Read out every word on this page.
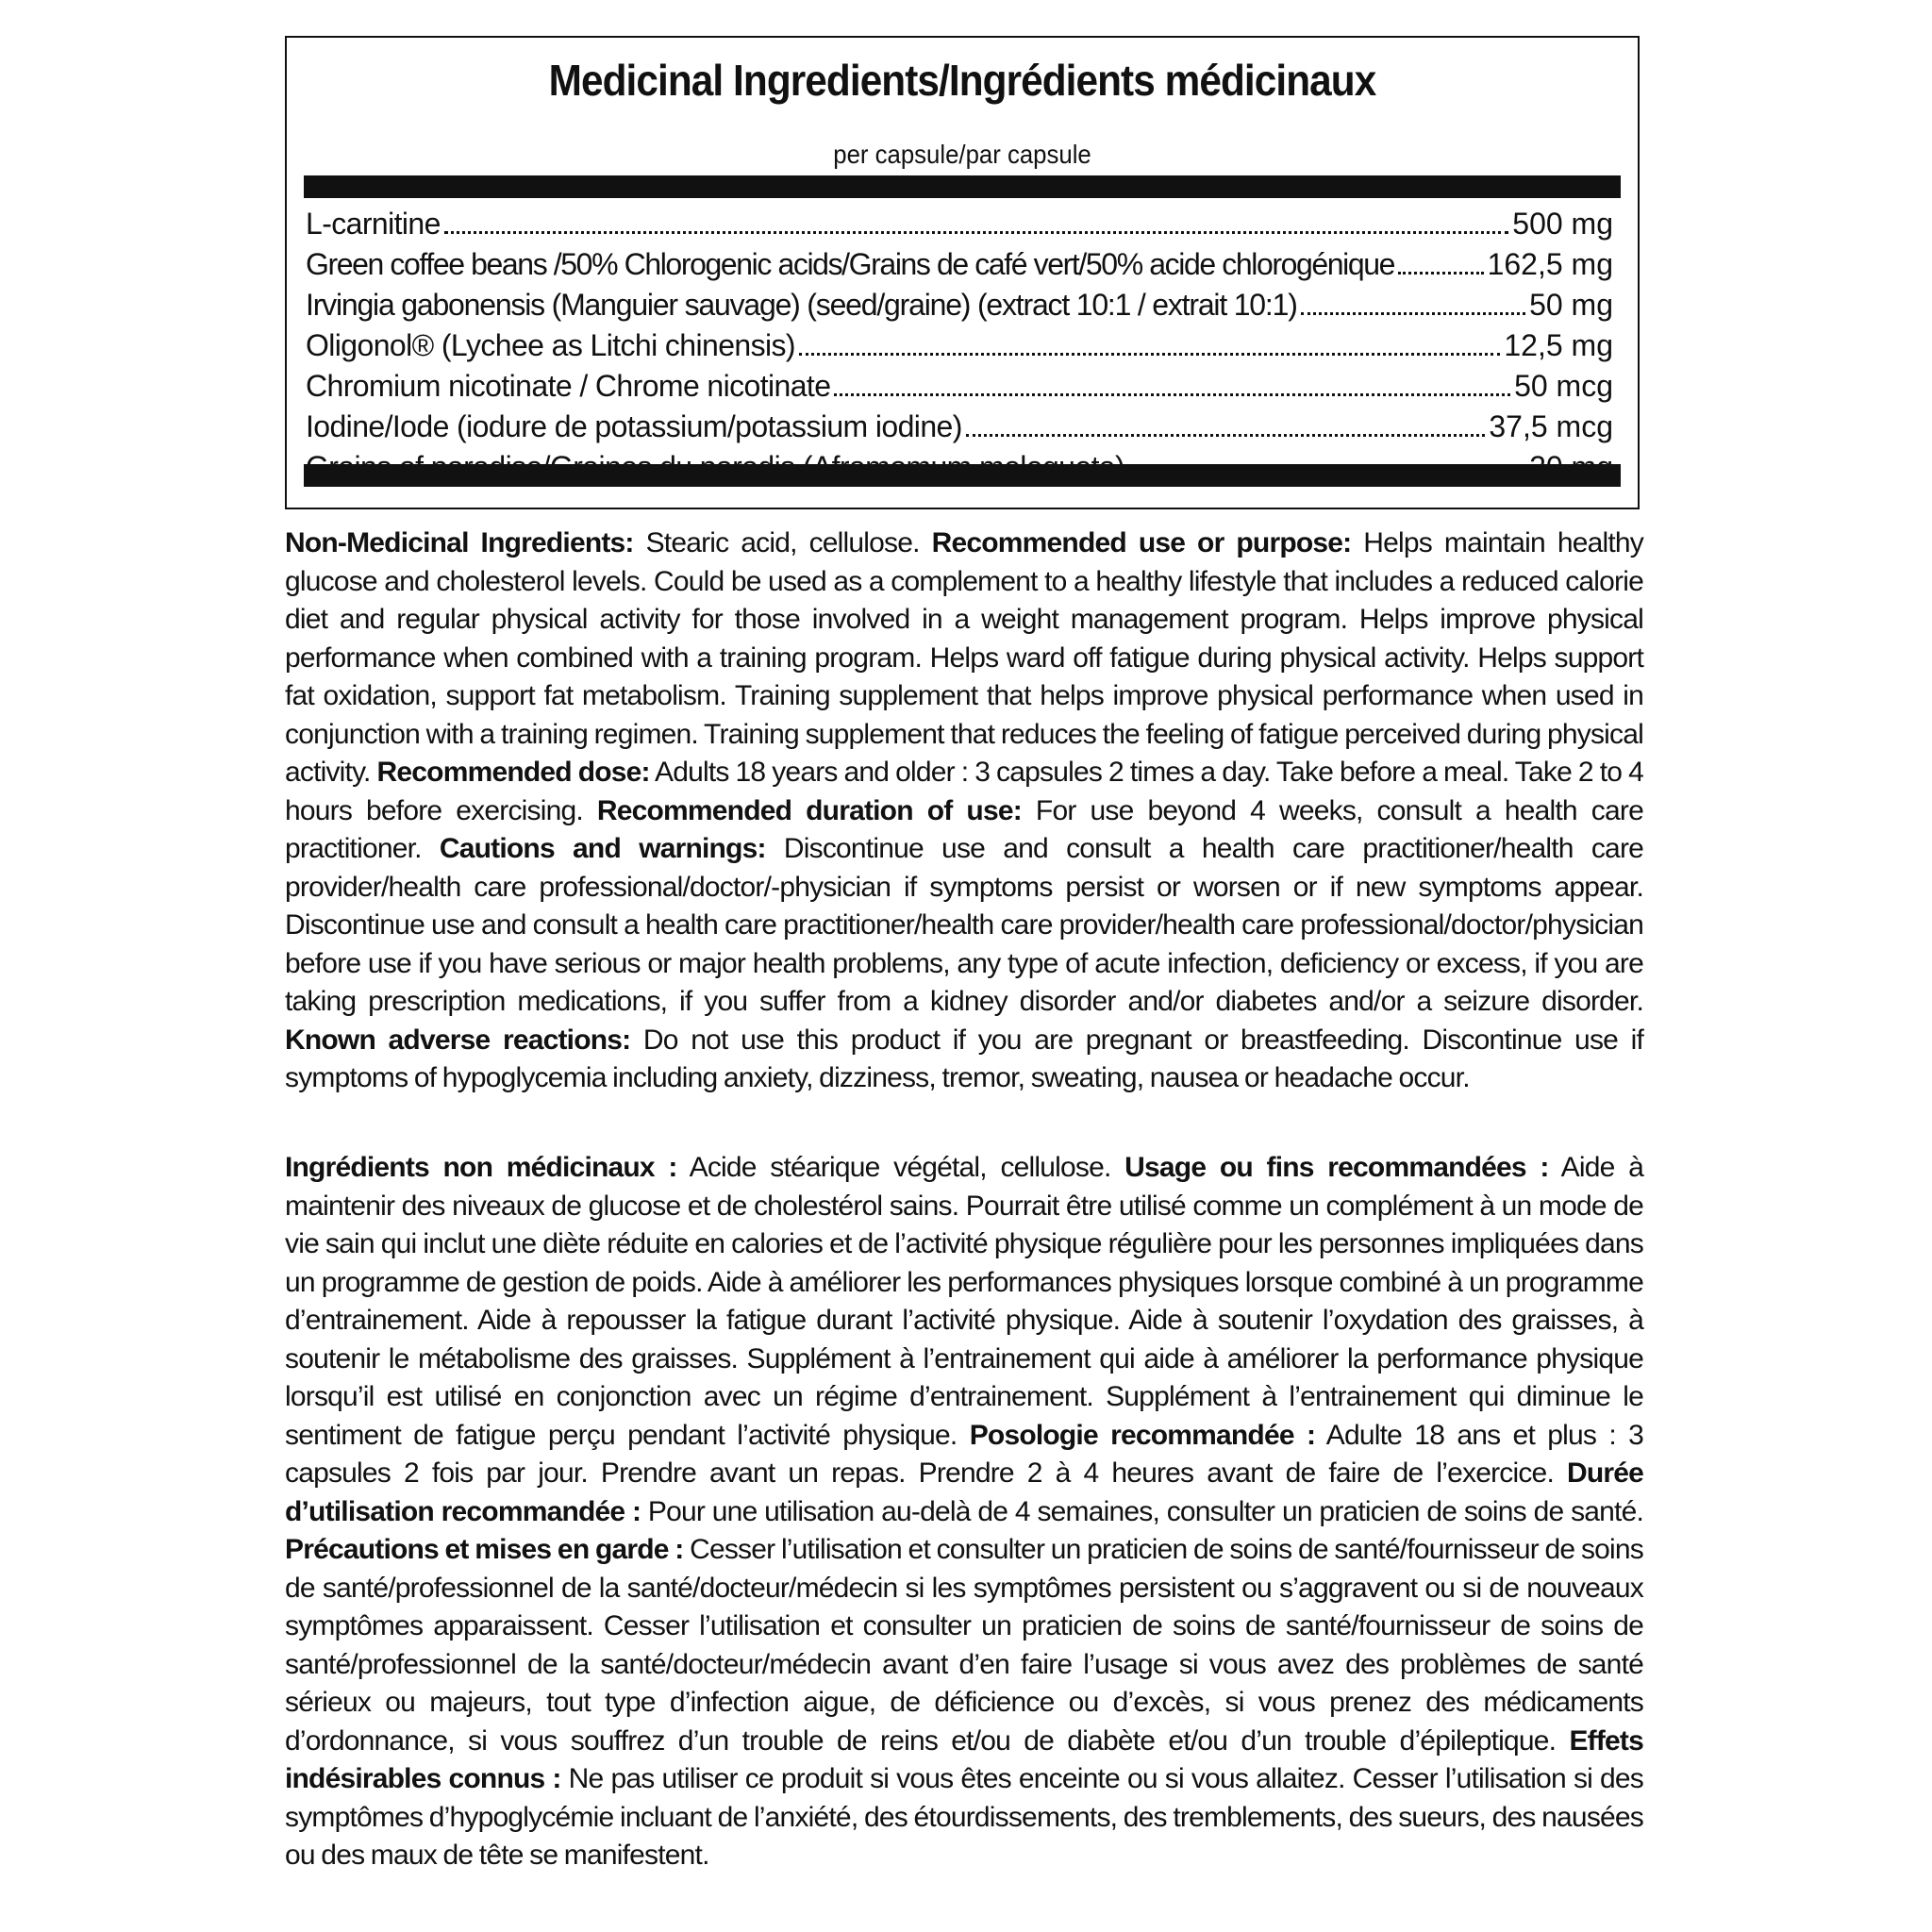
Medicinal Ingredients/Ingrédients médicinaux
per capsule/par capsule
L-carnitine	500 mg
Green coffee beans /50% Chlorogenic acids/Grains de café vert/50% acide chlorogénique	162,5 mg
Irvingia gabonensis (Manguier sauvage) (seed/graine) (extract 10:1 / extrait 10:1)	50 mg
Oligonol® (Lychee as Litchi chinensis)	12,5 mg
Chromium nicotinate / Chrome nicotinate	50 mcg
Iodine/Iode (iodure de potassium/potassium iodine)	37,5 mcg
Non-Medicinal Ingredients: Stearic acid, cellulose. Recommended use or purpose: Helps maintain healthy glucose and cholesterol levels. Could be used as a complement to a healthy lifestyle that includes a reduced calorie diet and regular physical activity for those involved in a weight management program. Helps improve physical performance when combined with a training program. Helps ward off fatigue during physical activity. Helps support fat oxidation, support fat metabolism. Training supplement that helps improve physical performance when used in conjunction with a training regimen. Training supplement that reduces the feeling of fatigue perceived during physical activity. Recommended dose: Adults 18 years and older : 3 capsules 2 times a day. Take before a meal. Take 2 to 4 hours before exercising. Recommended duration of use: For use beyond 4 weeks, consult a health care practitioner. Cautions and warnings: Discontinue use and consult a health care practitioner/health care provider/health care professional/doctor/-physician if symptoms persist or worsen or if new symptoms appear. Discontinue use and consult a health care practitioner/health care provider/health care professional/doctor/physician before use if you have serious or major health problems, any type of acute infection, deficiency or excess, if you are taking prescription medications, if you suffer from a kidney disorder and/or diabetes and/or a seizure disorder. Known adverse reactions: Do not use this product if you are pregnant or breastfeeding. Discontinue use if symptoms of hypoglycemia including anxiety, dizziness, tremor, sweating, nausea or headache occur.
Ingrédients non médicinaux : Acide stéarique végétal, cellulose. Usage ou fins recommandées : Aide à maintenir des niveaux de glucose et de cholestérol sains. Pourrait être utilisé comme un complément à un mode de vie sain qui inclut une diète réduite en calories et de l’activité physique régulière pour les personnes impliquées dans un programme de gestion de poids. Aide à améliorer les performances physiques lorsque combiné à un programme d’entrainement. Aide à repousser la fatigue durant l’activité physique. Aide à soutenir l’oxydation des graisses, à soutenir le métabolisme des graisses. Supplément à l’entrainement qui aide à améliorer la performance physique lorsqu’il est utilisé en conjonction avec un régime d’entrainement. Supplément à l’entrainement qui diminue le sentiment de fatigue perçu pendant l’activité physique. Posologie recommandée : Adulte 18 ans et plus : 3 capsules 2 fois par jour. Prendre avant un repas. Prendre 2 à 4 heures avant de faire de l’exercice. Durée d’utilisation recommandée : Pour une utilisation au-delà de 4 semaines, consulter un praticien de soins de santé. Précautions et mises en garde : Cesser l’utilisation et consulter un praticien de soins de santé/fournisseur de soins de santé/professionnel de la santé/docteur/médecin si les symptômes persistent ou s’aggravent ou si de nouveaux symptômes apparaissent. Cesser l’utilisation et consulter un praticien de soins de santé/fournisseur de soins de santé/professionnel de la santé/docteur/médecin avant d’en faire l’usage si vous avez des problèmes de santé sérieux ou majeurs, tout type d’infection aigue, de déficience ou d’excès, si vous prenez des médicaments d’ordonnance, si vous souffrez d’un trouble de reins et/ou de diabète et/ou d’un trouble d’épileptique. Effets indésirables connus : Ne pas utiliser ce produit si vous êtes enceinte ou si vous allaitez. Cesser l’utilisation si des symptômes d’hypoglycémie incluant de l’anxiété, des étourdissements, des tremblements, des sueurs, des nausées ou des maux de tête se manifestent.
